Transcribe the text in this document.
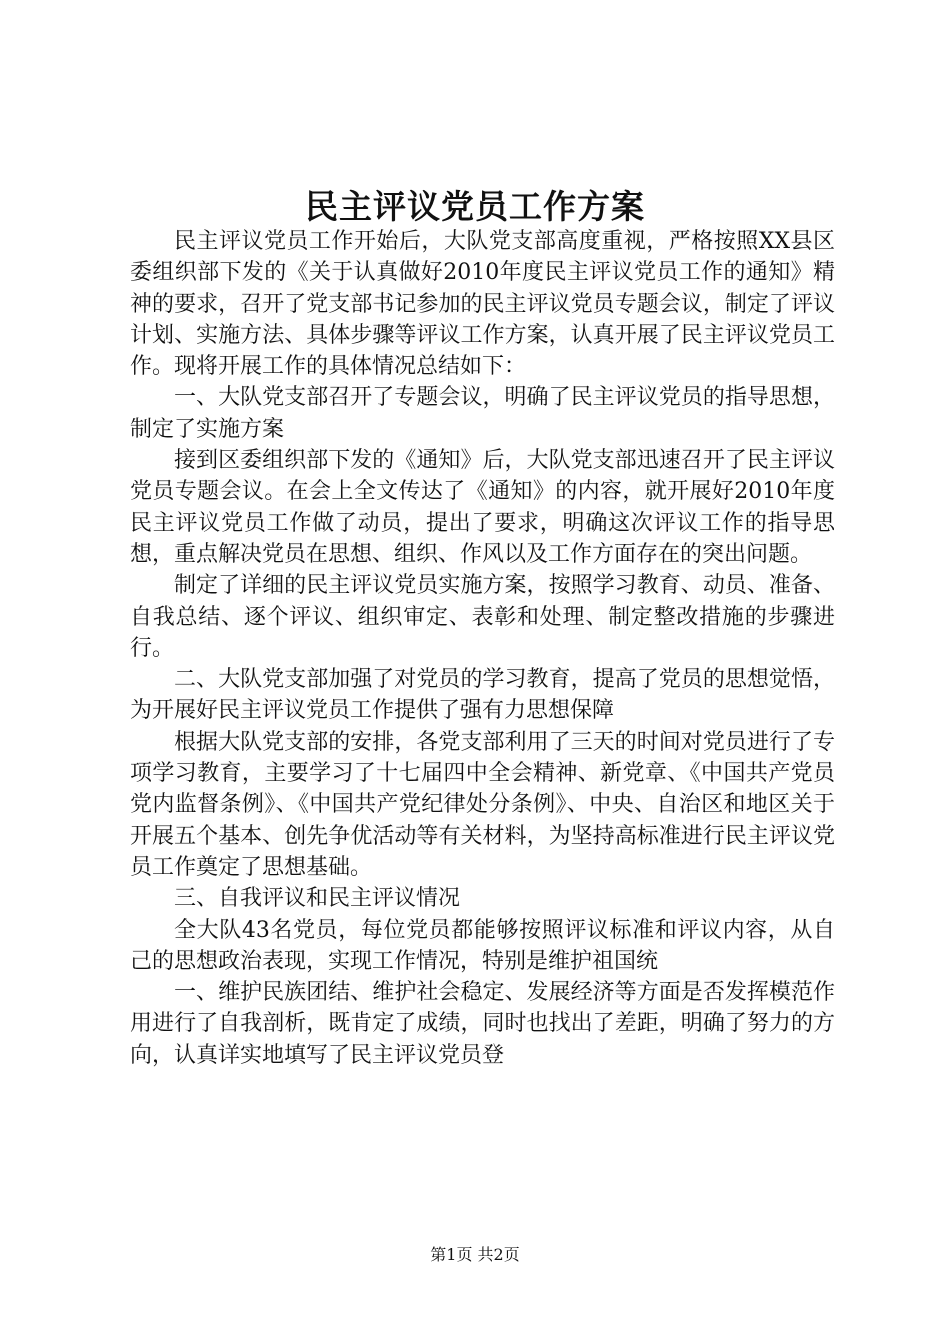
民主评议党员工作方案

民主评议党员工作开始后，大队党支部高度重视，严格按照XX县区委组织部下发的《关于认真做好2010年度民主评议党员工作的通知》精神的要求，召开了党支部书记参加的民主评议党员专题会议，制定了评议计划、实施方法、具体步骤等评议工作方案，认真开展了民主评议党员工作。现将开展工作的具体情况总结如下：

一、大队党支部召开了专题会议，明确了民主评议党员的指导思想，制定了实施方案

接到区委组织部下发的《通知》后，大队党支部迅速召开了民主评议党员专题会议。在会上全文传达了《通知》的内容，就开展好2010年度民主评议党员工作做了动员，提出了要求，明确这次评议工作的指导思想，重点解决党员在思想、组织、作风以及工作方面存在的突出问题。

制定了详细的民主评议党员实施方案，按照学习教育、动员、准备、自我总结、逐个评议、组织审定、表彰和处理、制定整改措施的步骤进行。

二、大队党支部加强了对党员的学习教育，提高了党员的思想觉悟，为开展好民主评议党员工作提供了强有力思想保障

根据大队党支部的安排，各党支部利用了三天的时间对党员进行了专项学习教育，主要学习了十七届四中全会精神、新党章、《中国共产党员党内监督条例》、《中国共产党纪律处分条例》、中央、自治区和地区关于开展五个基本、创先争优活动等有关材料，为坚持高标准进行民主评议党员工作奠定了思想基础。

三、自我评议和民主评议情况

全大队43名党员，每位党员都能够按照评议标准和评议内容，从自己的思想政治表现，实现工作情况，特别是维护祖国统

一、维护民族团结、维护社会稳定、发展经济等方面是否发挥模范作用进行了自我剖析，既肯定了成绩，同时也找出了差距，明确了努力的方向，认真详实地填写了民主评议党员登

第1页 共2页
